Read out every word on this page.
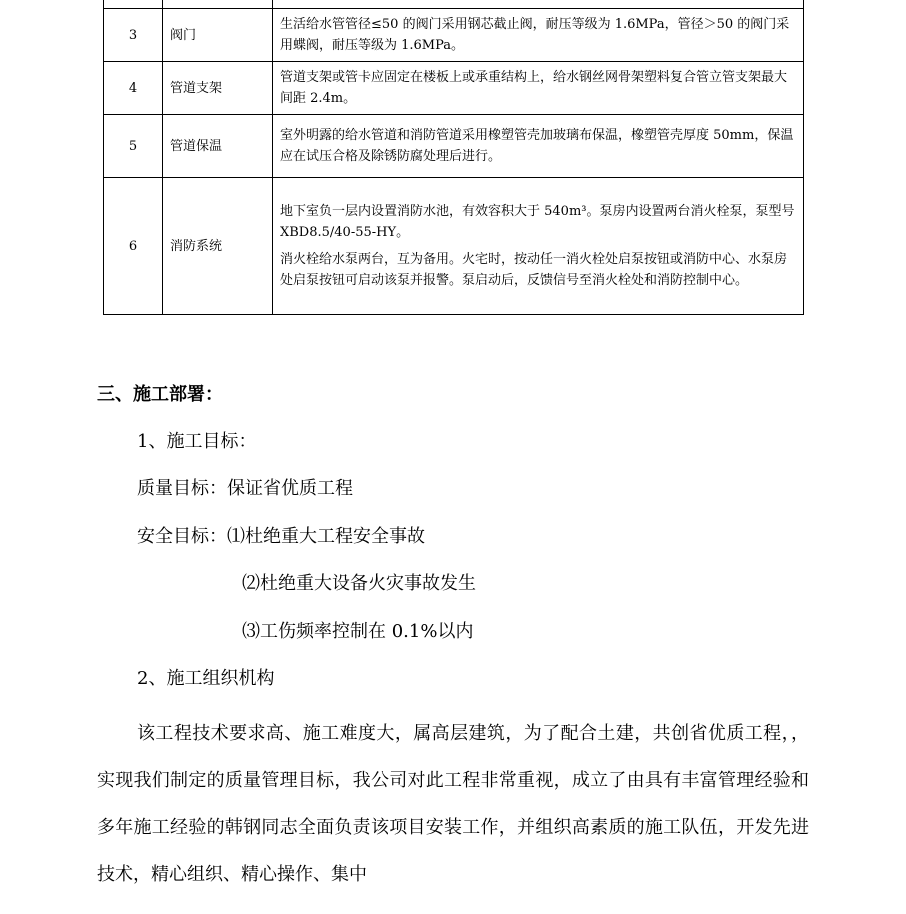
3	阀门	生活给水管管径≤50 的阀门采用钢芯截止阀，耐压等级为 1.6MPa，管径＞50 的阀门采用蝶阀，耐压等级为 1.6MPa。

4	管道支架	管道支架或管卡应固定在楼板上或承重结构上，给水钢丝网骨架塑料复合管立管支架最大间距 2.4m。

5	管道保温	室外明露的给水管道和消防管道采用橡塑管壳加玻璃布保温，橡塑管壳厚度 50mm，保温应在试压合格及除锈防腐处理后进行。

6	消防系统	地下室负一层内设置消防水池，有效容积大于 540m³。泵房内设置两台消火栓泵，泵型号 XBD8.5/40-55-HY。

消火栓给水泵两台，互为备用。火宅时，按动任一消火栓处启泵按钮或消防中心、水泵房处启泵按钮可启动该泵并报警。泵启动后，反馈信号至消火栓处和消防控制中心。

三、施工部署：

1、施工目标：

质量目标：保证省优质工程

安全目标：⑴杜绝重大工程安全事故

⑵杜绝重大设备火灾事故发生

⑶工伤频率控制在 0.1%以内

2、施工组织机构

该工程技术要求高、施工难度大，属高层建筑，为了配合土建，共创省优质工程，，实现我们制定的质量管理目标，我公司对此工程非常重视，成立了由具有丰富管理经验和多年施工经验的韩钢同志全面负责该项目安装工作，并组织高素质的施工队伍，开发先进技术，精心组织、精心操作、集中
